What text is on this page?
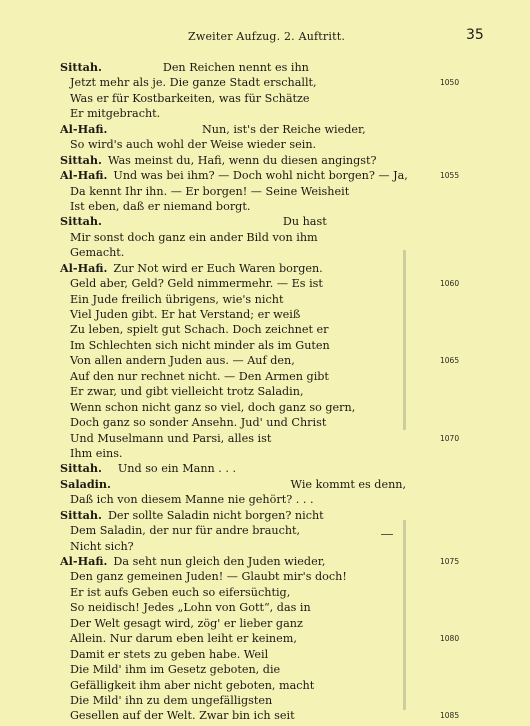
Zweiter Aufzug. 2. Auftritt.	35
Sittah.	Den Reichen nennt es ihn
Jetzt mehr als je. Die ganze Stadt erschallt,	1050
Was er für Kostbarkeiten, was für Schätze
Er mitgebracht.
Al-Hafi.	Nun, ist's der Reiche wieder,
So wird's auch wohl der Weise wieder sein.
Sittah. Was meinst du, Hafi, wenn du diesen angingst?
Al-Hafi. Und was bei ihm? — Doch wohl nicht borgen? — Ja,	1055
Da kennt Ihr ihn. — Er borgen! — Seine Weisheit
Ist eben, daß er niemand borgt.
Sittah.	Du hast
Mir sonst doch ganz ein ander Bild von ihm
Gemacht.
Al-Hafi. Zur Not wird er Euch Waren borgen.
Geld aber, Geld? Geld nimmermehr. — Es ist	1060
Ein Jude freilich übrigens, wie's nicht
Viel Juden gibt. Er hat Verstand; er weiß
Zu leben, spielt gut Schach. Doch zeichnet er
Im Schlechten sich nicht minder als im Guten
Von allen andern Juden aus. — Auf den,	1065
Auf den nur rechnet nicht. — Den Armen gibt
Er zwar, und gibt vielleicht trotz Saladin,
Wenn schon nicht ganz so viel, doch ganz so gern,
Doch ganz so sonder Ansehn. Jud' und Christ
Und Muselmann und Parsi, alles ist	1070
Ihm eins.
Sittah. Und so ein Mann . . .
Saladin.	Wie kommt es denn,
Daß ich von diesem Manne nie gehört? . . .
Sittah. Der sollte Saladin nicht borgen? nicht
Dem Saladin, der nur für andre braucht,
Nicht sich?
Al-Hafi. Da seht nun gleich den Juden wieder,	1075
Den ganz gemeinen Juden! — Glaubt mir's doch!
Er ist aufs Geben euch so eifersüchtig,
So neidisch! Jedes „Lohn von Gott“, das in
Der Welt gesagt wird, zög' er lieber ganz
Allein. Nur darum eben leiht er keinem,	1080
Damit er stets zu geben habe. Weil
Die Mild' ihm im Gesetz geboten, die
Gefälligkeit ihm aber nicht geboten, macht
Die Mild' ihn zu dem ungefälligsten
Gesellen auf der Welt. Zwar bin ich seit	1085
